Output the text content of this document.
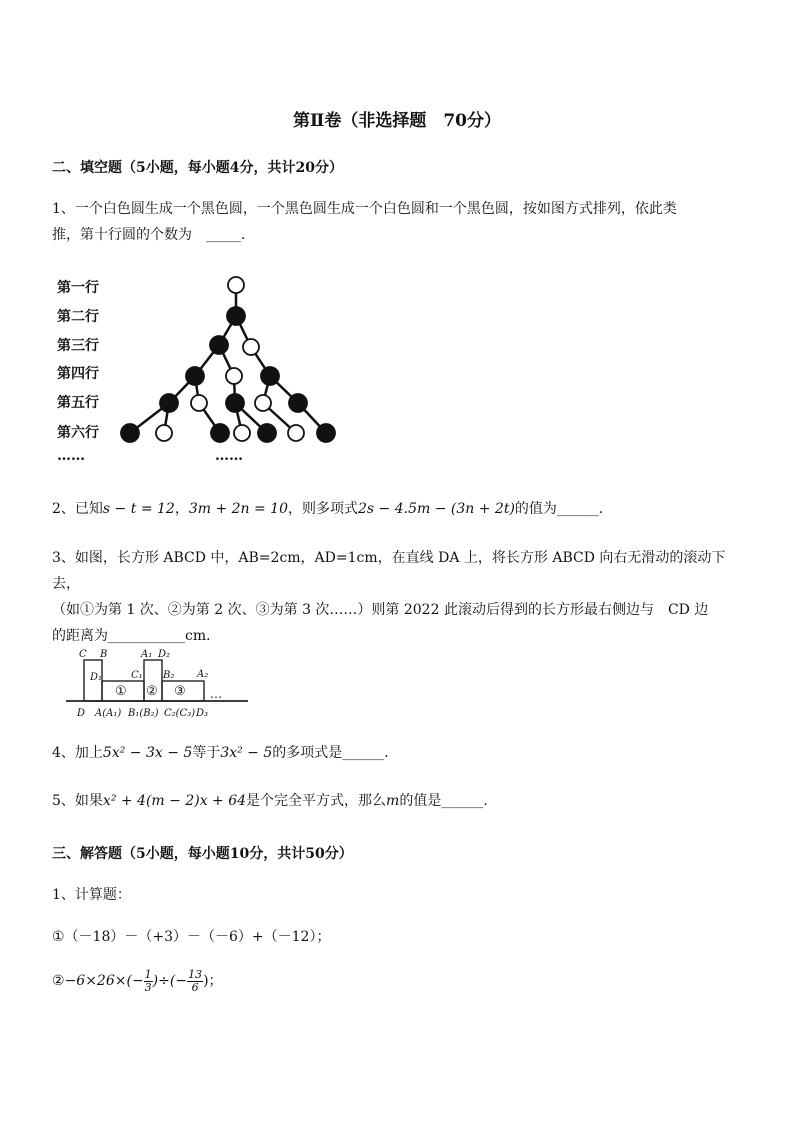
第Ⅱ卷（非选择题　70分）
二、填空题（5小题，每小题4分，共计20分）
1、一个白色圆生成一个黑色圆，一个黑色圆生成一个白色圆和一个黑色圆，按如图方式排列，依此类
推，第十行圆的个数为　_____．
第一行
第二行
第三行
第四行
第五行
第六行
……	……
2、已知s − t = 12，3m + 2n = 10，则多项式2s − 4.5m − (3n + 2t)的值为______．
3、如图，长方形 ABCD 中，AB=2cm，AD=1cm，在直线 DA 上，将长方形 ABCD 向右无滑动的滚动下去，
（如①为第 1 次、②为第 2 次、③为第 3 次……）则第 2022 此滚动后得到的长方形最右侧边与　CD 边
的距离为___________cm．
C B	A₁ D₂
D₁	C₁ B₂ A₂
① ② ③ …
D A(A₁) B₁(B₂) C₂(C₃) D₃
4、加上5x² − 3x − 5等于3x² − 5的多项式是______．
5、如果x² + 4(m − 2)x + 64是个完全平方式，那么m的值是______．
三、解答题（5小题，每小题10分，共计50分）
1、计算题：
①（－18）－（+3）－（－6）+（－12）；
②−6×26×(− $\frac{1}{3}$ )÷(− $\frac{13}{6}$ )；
